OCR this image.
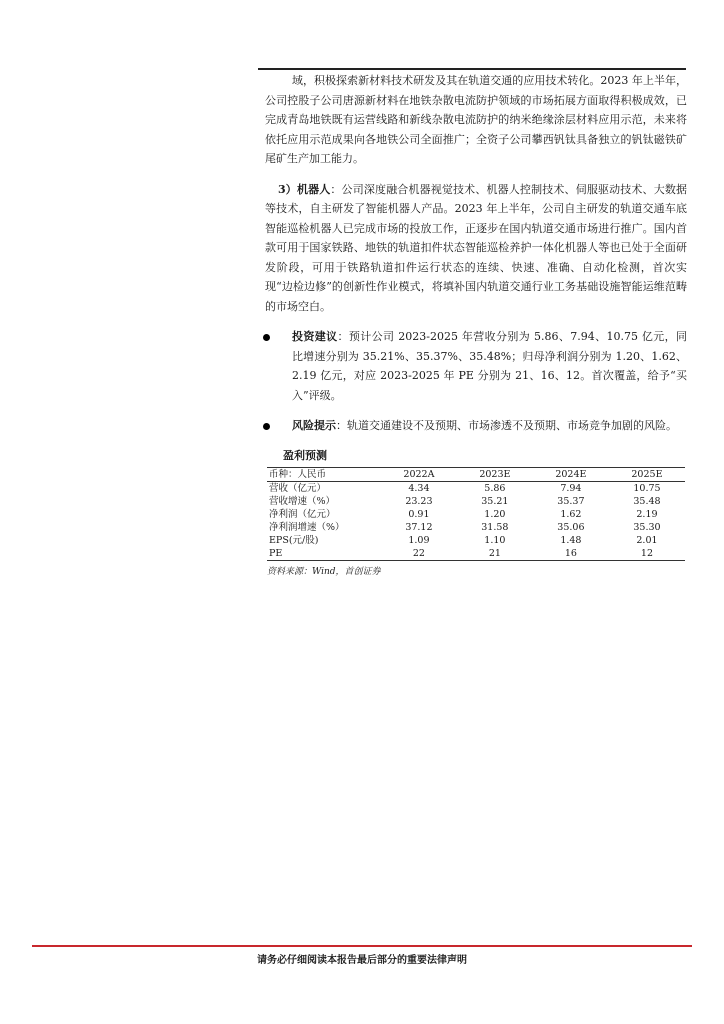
域，积极探索新材料技术研发及其在轨道交通的应用技术转化。2023 年上半年，公司控股子公司唐源新材料在地铁杂散电流防护领域的市场拓展方面取得积极成效，已完成青岛地铁既有运营线路和新线杂散电流防护的纳米绝缘涂层材料应用示范，未来将依托应用示范成果向各地铁公司全面推广；全资子公司攀西钒钛具备独立的钒钛磁铁矿尾矿生产加工能力。

3）机器人：公司深度融合机器视觉技术、机器人控制技术、伺服驱动技术、大数据等技术，自主研发了智能机器人产品。2023 年上半年，公司自主研发的轨道交通车底智能巡检机器人已完成市场的投放工作，正逐步在国内轨道交通市场进行推广。国内首款可用于国家铁路、地铁的轨道扣件状态智能巡检养护一体化机器人等也已处于全面研发阶段，可用于铁路轨道扣件运行状态的连续、快速、准确、自动化检测，首次实现“边检边修”的创新性作业模式，将填补国内轨道交通行业工务基础设施智能运维范畴的市场空白。

投资建议：预计公司 2023-2025 年营收分别为 5.86、7.94、10.75 亿元，同比增速分别为 35.21%、35.37%、35.48%；归母净利润分别为 1.20、1.62、2.19 亿元，对应 2023-2025 年 PE 分别为 21、16、12。首次覆盖，给予“买入”评级。

风险提示：轨道交通建设不及预期、市场渗透不及预期、市场竞争加剧的风险。

盈利预测
币种：人民币	2022A	2023E	2024E	2025E
营收（亿元）	4.34	5.86	7.94	10.75
营收增速（%）	23.23	35.21	35.37	35.48
净利润（亿元）	0.91	1.20	1.62	2.19
净利润增速（%）	37.12	31.58	35.06	35.30
EPS(元/股)	1.09	1.10	1.48	2.01
PE	22	21	16	12
资料来源：Wind，首创证券
请务必仔细阅读本报告最后部分的重要法律声明
